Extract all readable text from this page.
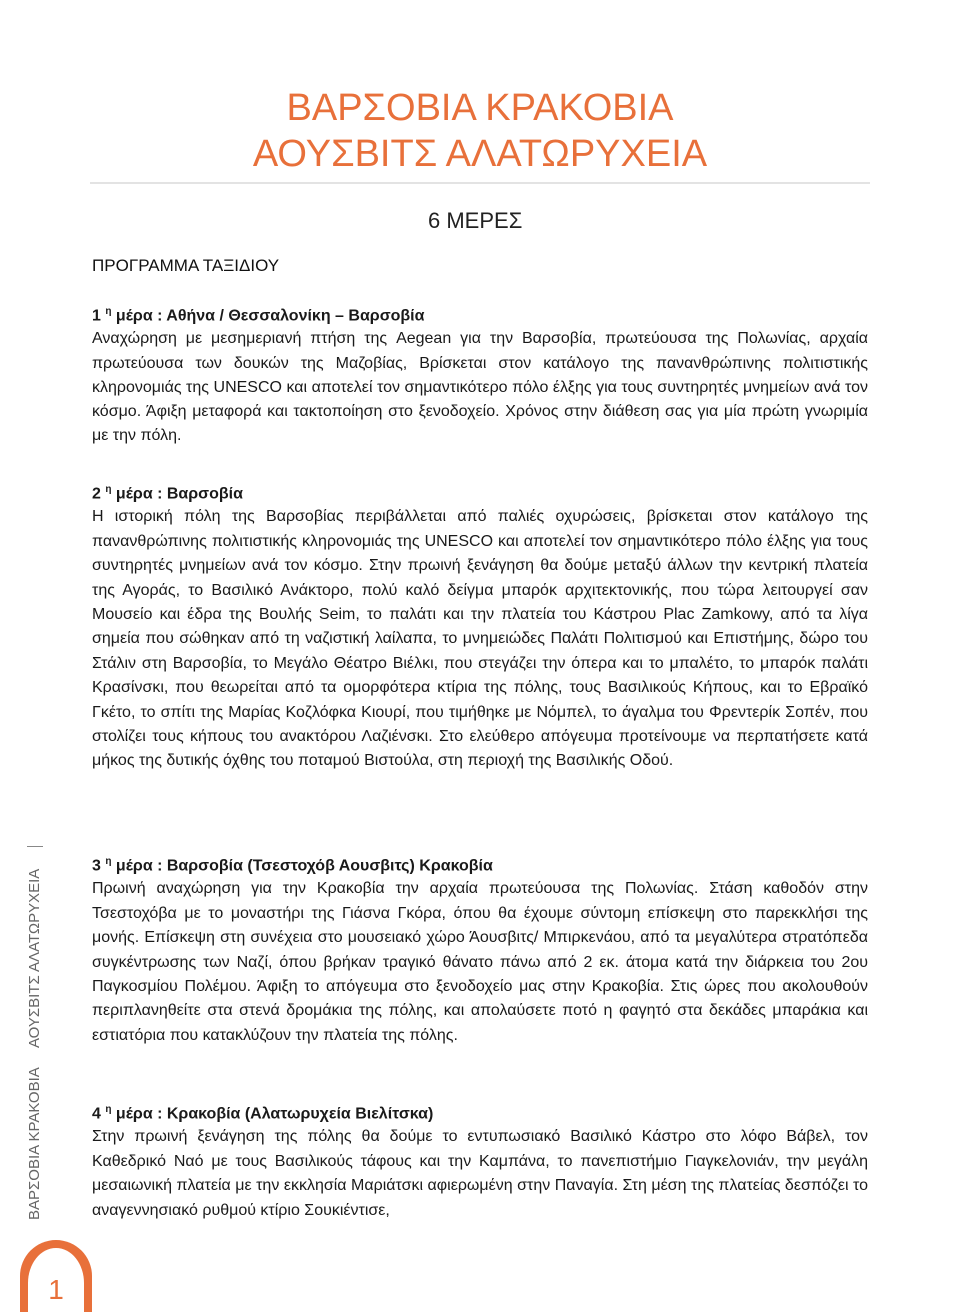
ΒΑΡΣΟΒΙΑ ΚΡΑΚΟΒΙΑ
ΑΟΥΣΒΙΤΣ ΑΛΑΤΩΡΥΧΕΙΑ
6 ΜΕΡΕΣ
ΠΡΟΓΡΑΜΜΑ ΤΑΞΙΔΙΟΥ

1 $^\eta$ μέρα : Αθήνα / Θεσσαλονίκη – Βαρσοβία

Αναχώρηση με μεσημεριανή πτήση της Aegean για την Βαρσοβία, πρωτεύουσα της Πολωνίας, αρχαία πρωτεύουσα των δουκών της Μαζοβίας, Βρίσκεται στον κατάλογο της πανανθρώπινης πολιτιστικής κληρονομιάς της UNESCO και αποτελεί τον σημαντικότερο πόλο έλξης για τους συντηρητές μνημείων ανά τον κόσμο. Άφιξη μεταφορά και τακτοποίηση στο ξενοδοχείο. Χρόνος στην διάθεση σας για μία πρώτη γνωριμία με την πόλη.

2 $^\eta$ μέρα : Βαρσοβία

Η ιστορική πόλη της Βαρσοβίας περιβάλλεται από παλιές οχυρώσεις, βρίσκεται στον κατάλογο της πανανθρώπινης πολιτιστικής κληρονομιάς της UNESCO και αποτελεί τον σημαντικότερο πόλο έλξης για τους συντηρητές μνημείων ανά τον κόσμο. Στην πρωινή ξενάγηση θα δούμε μεταξύ άλλων την κεντρική πλατεία της Αγοράς, το Βασιλικό Ανάκτορο, πολύ καλό δείγμα μπαρόκ αρχιτεκτονικής, που τώρα λειτουργεί σαν Μουσείο και έδρα της Βουλής Seim, το παλάτι και την πλατεία του Κάστρου Plac Zamkowy, από τα λίγα σημεία που σώθηκαν από τη ναζιστική λαίλαπα, το μνημειώδες Παλάτι Πολιτισμού και Επιστήμης, δώρο του Στάλιν στη Βαρσοβία, το Μεγάλο Θέατρο Βιέλκι, που στεγάζει την όπερα και το μπαλέτο, το μπαρόκ παλάτι Κρασίνσκι, που θεωρείται από τα ομορφότερα κτίρια της πόλης, τους Βασιλικούς Κήπους, και το Εβραϊκό Γκέτο, το σπίτι της Μαρίας Κοζλόφκα Κιουρί, που τιμήθηκε με Νόμπελ, το άγαλμα του Φρεντερίκ Σοπέν, που στολίζει τους κήπους του ανακτόρου Λαζιένσκι. Στο ελεύθερο απόγευμα προτείνουμε να περπατήσετε κατά μήκος της δυτικής όχθης του ποταμού Βιστούλα, στη περιοχή της Βασιλικής Οδού.

3 $^\eta$ μέρα : Βαρσοβία (Τσεστοχόβ Αουσβιτς) Κρακοβία

Πρωινή αναχώρηση για την Κρακοβία την αρχαία πρωτεύουσα της Πολωνίας. Στάση καθοδόν στην Τσεστοχόβα με το μοναστήρι της Γιάσνα Γκόρα, όπου θα έχουμε σύντομη επίσκεψη στο παρεκκλήσι της μονής. Επίσκεψη στη συνέχεια στο μουσειακό χώρο Άουσβιτς/ Μπιρκενάου, από τα μεγαλύτερα στρατόπεδα συγκέντρωσης των Ναζί, όπου βρήκαν τραγικό θάνατο πάνω από 2 εκ. άτομα κατά την διάρκεια του 2ου Παγκοσμίου Πολέμου. Άφιξη το απόγευμα στο ξενοδοχείο μας στην Κρακοβία. Στις ώρες που ακολουθούν περιπλανηθείτε στα στενά δρομάκια της πόλης, και απολαύσετε ποτό η φαγητό στα δεκάδες μπαράκια και εστιατόρια που κατακλύζουν την πλατεία της πόλης.

4 $^\eta$ μέρα : Κρακοβία (Αλατωρυχεία Βιελίτσκα)

Στην πρωινή ξενάγηση της πόλης θα δούμε το εντυπωσιακό Βασιλικό Κάστρο στο λόφο Βάβελ, τον Καθεδρικό Ναό με τους Βασιλικούς τάφους και την Καμπάνα, το πανεπιστήμιο Γιαγκελονιάν, την μεγάλη μεσαιωνική πλατεία με την εκκλησία Μαριάτσκι αφιερωμένη στην Παναγία. Στη μέση της πλατείας δεσπόζει το αναγεννησιακό ρυθμού κτίριο Σουκιέντισε,

ΒΑΡΣΟΒΙΑ ΚΡΑΚΟΒΙΑ     ΑΟΥΣΒΙΤΣ ΑΛΑΤΩΡΥΧΕΙΑ
1
